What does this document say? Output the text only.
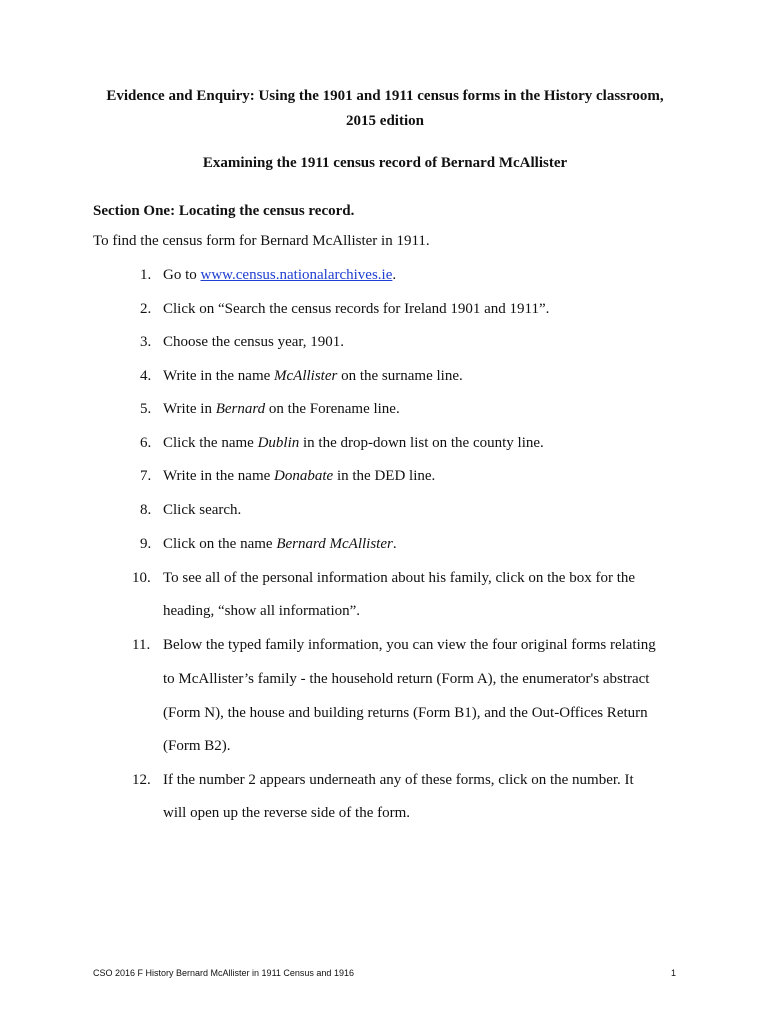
Evidence and Enquiry: Using the 1901 and 1911 census forms in the History classroom,
2015 edition
Examining the 1911 census record of Bernard McAllister
Section One: Locating the census record.
To find the census form for Bernard McAllister in 1911.
1. Go to www.census.nationalarchives.ie.
2. Click on “Search the census records for Ireland 1901 and 1911”.
3. Choose the census year, 1901.
4. Write in the name McAllister on the surname line.
5. Write in Bernard on the Forename line.
6. Click the name Dublin in the drop-down list on the county line.
7. Write in the name Donabate in the DED line.
8. Click search.
9. Click on the name Bernard McAllister.
10. To see all of the personal information about his family, click on the box for the
heading, “show all information”.
11. Below the typed family information, you can view the four original forms relating
to McAllister’s family - the household return (Form A), the enumerator's abstract
(Form N), the house and building returns (Form B1), and the Out-Offices Return
(Form B2).
12. If the number 2 appears underneath any of these forms, click on the number. It
will open up the reverse side of the form.
CSO 2016 F History Bernard McAllister in 1911 Census and 1916	1
